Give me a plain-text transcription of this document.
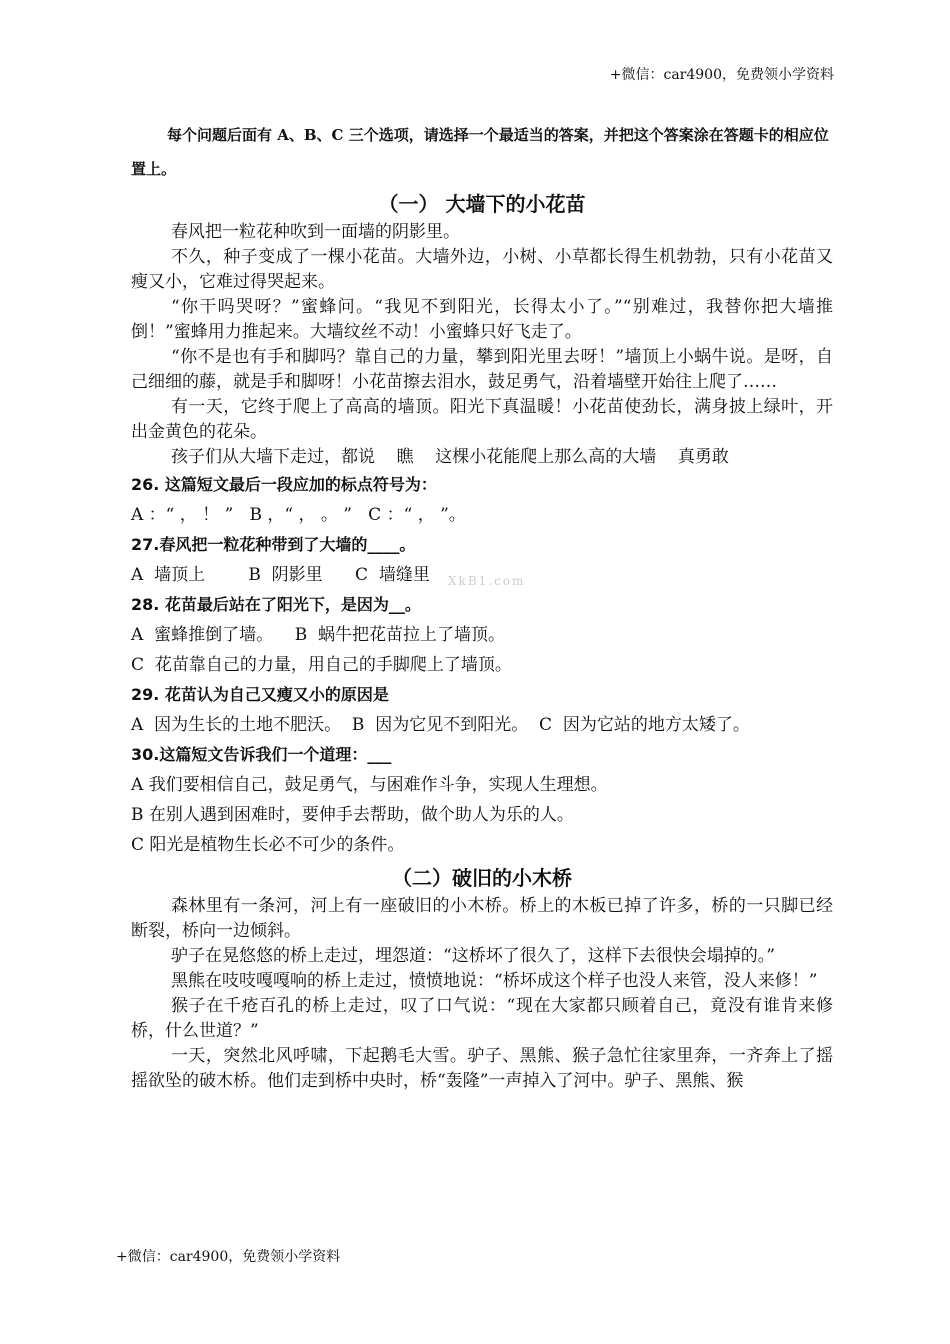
+微信：car4900，免费领小学资料
XkB1.com

每个问题后面有 A、B、C 三个选项，请选择一个最适当的答案，并把这个答案涂在答题卡的相应位置上。

（一） 大墙下的小花苗

春风把一粒花种吹到一面墙的阴影里。

不久，种子变成了一棵小花苗。大墙外边，小树、小草都长得生机勃勃，只有小花苗又瘦又小，它难过得哭起来。

“你干吗哭呀？”蜜蜂问。“我见不到阳光，长得太小了。”“别难过，我替你把大墙推倒！”蜜蜂用力推起来。大墙纹丝不动！小蜜蜂只好飞走了。

“你不是也有手和脚吗？靠自己的力量，攀到阳光里去呀！”墙顶上小蜗牛说。是呀，自己细细的藤，就是手和脚呀！小花苗擦去泪水，鼓足勇气，沿着墙壁开始往上爬了……

有一天，它终于爬上了高高的墙顶。阳光下真温暖！小花苗使劲长，满身披上绿叶，开出金黄色的花朵。

孩子们从大墙下走过，都说    瞧    这棵小花能爬上那么高的大墙    真勇敢

26. 这篇短文最后一段应加的标点符号为：

A ：“ ， ！ ”   B ，“ ， 。 ”   C ：“ ， ”。

27.春风把一粒花种带到了大墙的____。

A  墙顶上        B  阴影里      C  墙缝里

28. 花苗最后站在了阳光下，是因为__。

A  蜜蜂推倒了墙。    B  蜗牛把花苗拉上了墙顶。

C  花苗靠自己的力量，用自己的手脚爬上了墙顶。

29. 花苗认为自己又瘦又小的原因是

A  因为生长的土地不肥沃。  B  因为它见不到阳光。  C  因为它站的地方太矮了。

30.这篇短文告诉我们一个道理：___

A 我们要相信自己，鼓足勇气，与困难作斗争，实现人生理想。

B 在别人遇到困难时，要伸手去帮助，做个助人为乐的人。

C 阳光是植物生长必不可少的条件。

（二）破旧的小木桥

森林里有一条河，河上有一座破旧的小木桥。桥上的木板已掉了许多，桥的一只脚已经断裂，桥向一边倾斜。

驴子在晃悠悠的桥上走过，埋怨道：“这桥坏了很久了，这样下去很快会塌掉的。”

黑熊在吱吱嘎嘎响的桥上走过，愤愤地说：“桥坏成这个样子也没人来管，没人来修！”

猴子在千疮百孔的桥上走过，叹了口气说：“现在大家都只顾着自己，竟没有谁肯来修桥，什么世道？”

一天，突然北风呼啸，下起鹅毛大雪。驴子、黑熊、猴子急忙往家里奔，一齐奔上了摇摇欲坠的破木桥。他们走到桥中央时，桥“轰隆”一声掉入了河中。驴子、黑熊、猴

+微信：car4900，免费领小学资料
